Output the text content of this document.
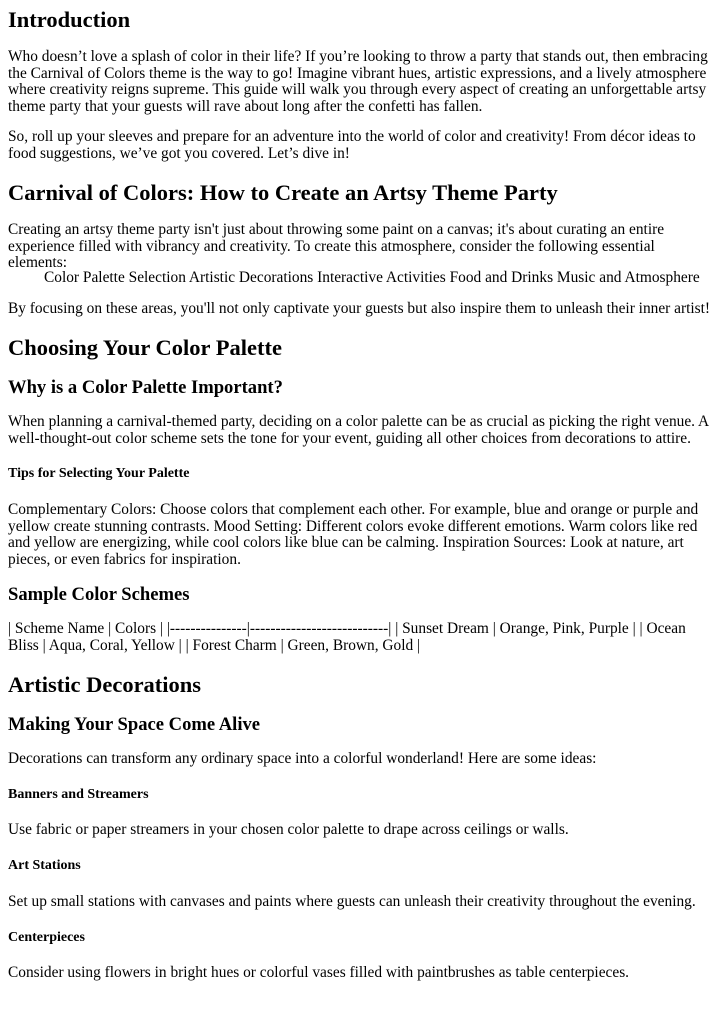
Introduction

Who doesn’t love a splash of color in their life? If you’re looking to throw a party that stands out, then embracing the Carnival of Colors theme is the way to go! Imagine vibrant hues, artistic expressions, and a lively atmosphere where creativity reigns supreme. This guide will walk you through every aspect of creating an unforgettable artsy theme party that your guests will rave about long after the confetti has fallen.

So, roll up your sleeves and prepare for an adventure into the world of color and creativity! From décor ideas to food suggestions, we’ve got you covered. Let’s dive in!

Carnival of Colors: How to Create an Artsy Theme Party

Creating an artsy theme party isn't just about throwing some paint on a canvas; it's about curating an entire experience filled with vibrancy and creativity. To create this atmosphere, consider the following essential elements:

Color Palette Selection Artistic Decorations Interactive Activities Food and Drinks Music and Atmosphere

By focusing on these areas, you'll not only captivate your guests but also inspire them to unleash their inner artist!

Choosing Your Color Palette
Why is a Color Palette Important?

When planning a carnival-themed party, deciding on a color palette can be as crucial as picking the right venue. A well-thought-out color scheme sets the tone for your event, guiding all other choices from decorations to attire.

Tips for Selecting Your Palette

Complementary Colors: Choose colors that complement each other. For example, blue and orange or purple and yellow create stunning contrasts. Mood Setting: Different colors evoke different emotions. Warm colors like red and yellow are energizing, while cool colors like blue can be calming. Inspiration Sources: Look at nature, art pieces, or even fabrics for inspiration.

Sample Color Schemes

| Scheme Name | Colors | |---------------|---------------------------| | Sunset Dream | Orange, Pink, Purple | | Ocean Bliss | Aqua, Coral, Yellow | | Forest Charm | Green, Brown, Gold |

Artistic Decorations
Making Your Space Come Alive

Decorations can transform any ordinary space into a colorful wonderland! Here are some ideas:

Banners and Streamers

Use fabric or paper streamers in your chosen color palette to drape across ceilings or walls.

Art Stations

Set up small stations with canvases and paints where guests can unleash their creativity throughout the evening.

Centerpieces

Consider using flowers in bright hues or colorful vases filled with paintbrushes as table centerpieces.
